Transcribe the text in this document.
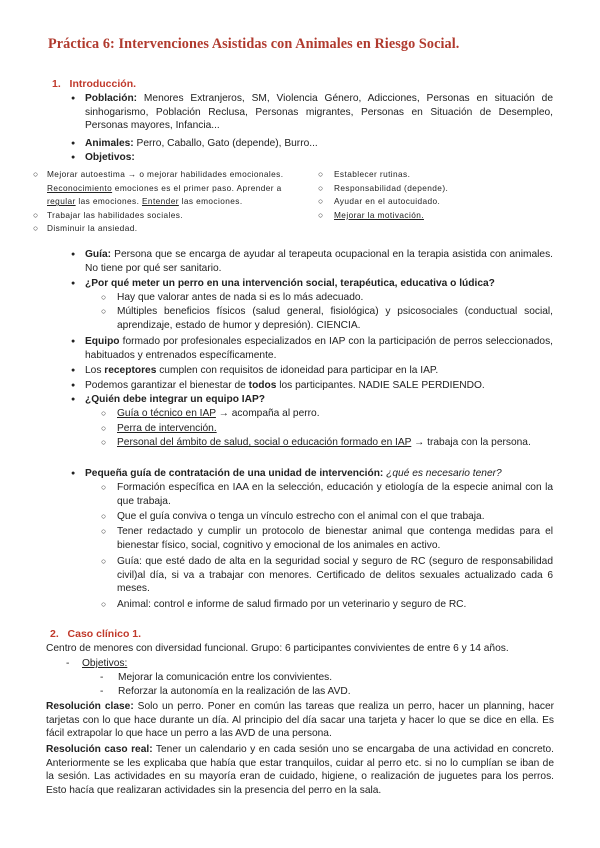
Práctica 6: Intervenciones Asistidas con Animales en Riesgo Social.
1. Introducción.
●
Población: Menores Extranjeros, SM, Violencia Género, Adicciones, Personas en situación de sinhogarismo, Población Reclusa, Personas migrantes, Personas en Situación de Desempleo, Personas mayores, Infancia...
●
Animales: Perro, Caballo, Gato (depende), Burro...
●
Objetivos:
○
Mejorar autoestima → o mejorar habilidades emocionales.
Reconocimiento emociones es el primer paso. Aprender a
regular las emociones. Entender las emociones.
○
Trabajar las habilidades sociales.
○
Disminuir la ansiedad.
○
Establecer rutinas.
○
Responsabilidad (depende).
○
Ayudar en el autocuidado.
○
Mejorar la motivación.
●
Guía: Persona que se encarga de ayudar al terapeuta ocupacional en la terapia asistida con animales. No tiene por qué ser sanitario.
●
¿Por qué meter un perro en una intervención social, terapéutica, educativa o lúdica?
○
Hay que valorar antes de nada si es lo más adecuado.
○
Múltiples beneficios físicos (salud general, fisiológica) y psicosociales (conductual social, aprendizaje, estado de humor y depresión). CIENCIA.
●
Equipo formado por profesionales especializados en IAP con la participación de perros seleccionados, habituados y entrenados específicamente.
●
Los receptores cumplen con requisitos de idoneidad para participar en la IAP.
●
Podemos garantizar el bienestar de todos los participantes. NADIE SALE PERDIENDO.
●
¿Quién debe integrar un equipo IAP?
○
Guía o técnico en IAP → acompaña al perro.
○
Perra de intervención.
○
Personal del ámbito de salud, social o educación formado en IAP → trabaja con la persona.
●
Pequeña guía de contratación de una unidad de intervención: ¿qué es necesario tener?
○
Formación específica en IAA en la selección, educación y etiología de la especie animal con la que trabaja.
○
Que el guía conviva o tenga un vínculo estrecho con el animal con el que trabaja.
○
Tener redactado y cumplir un protocolo de bienestar animal que contenga medidas para el bienestar físico, social, cognitivo y emocional de los animales en activo.
○
Guía: que esté dado de alta en la seguridad social y seguro de RC (seguro de responsabilidad civil)al día, si va a trabajar con menores. Certificado de delitos sexuales actualizado cada 6 meses.
○
Animal: control e informe de salud firmado por un veterinario y seguro de RC.
2. Caso clínico 1.
Centro de menores con diversidad funcional. Grupo: 6 participantes convivientes de entre 6 y 14 años.
-
Objetivos:
-
Mejorar la comunicación entre los convivientes.
-
Reforzar la autonomía en la realización de las AVD.
Resolución clase: Solo un perro. Poner en común las tareas que realiza un perro, hacer un planning, hacer tarjetas con lo que hace durante un día. Al principio del día sacar una tarjeta y hacer lo que se dice en ella. Es fácil extrapolar lo que hace un perro a las AVD de una persona.
Resolución caso real: Tener un calendario y en cada sesión uno se encargaba de una actividad en concreto. Anteriormente se les explicaba que había que estar tranquilos, cuidar al perro etc. si no lo cumplían se iban de la sesión. Las actividades en su mayoría eran de cuidado, higiene, o realización de juguetes para los perros. Esto hacía que realizaran actividades sin la presencia del perro en la sala.
